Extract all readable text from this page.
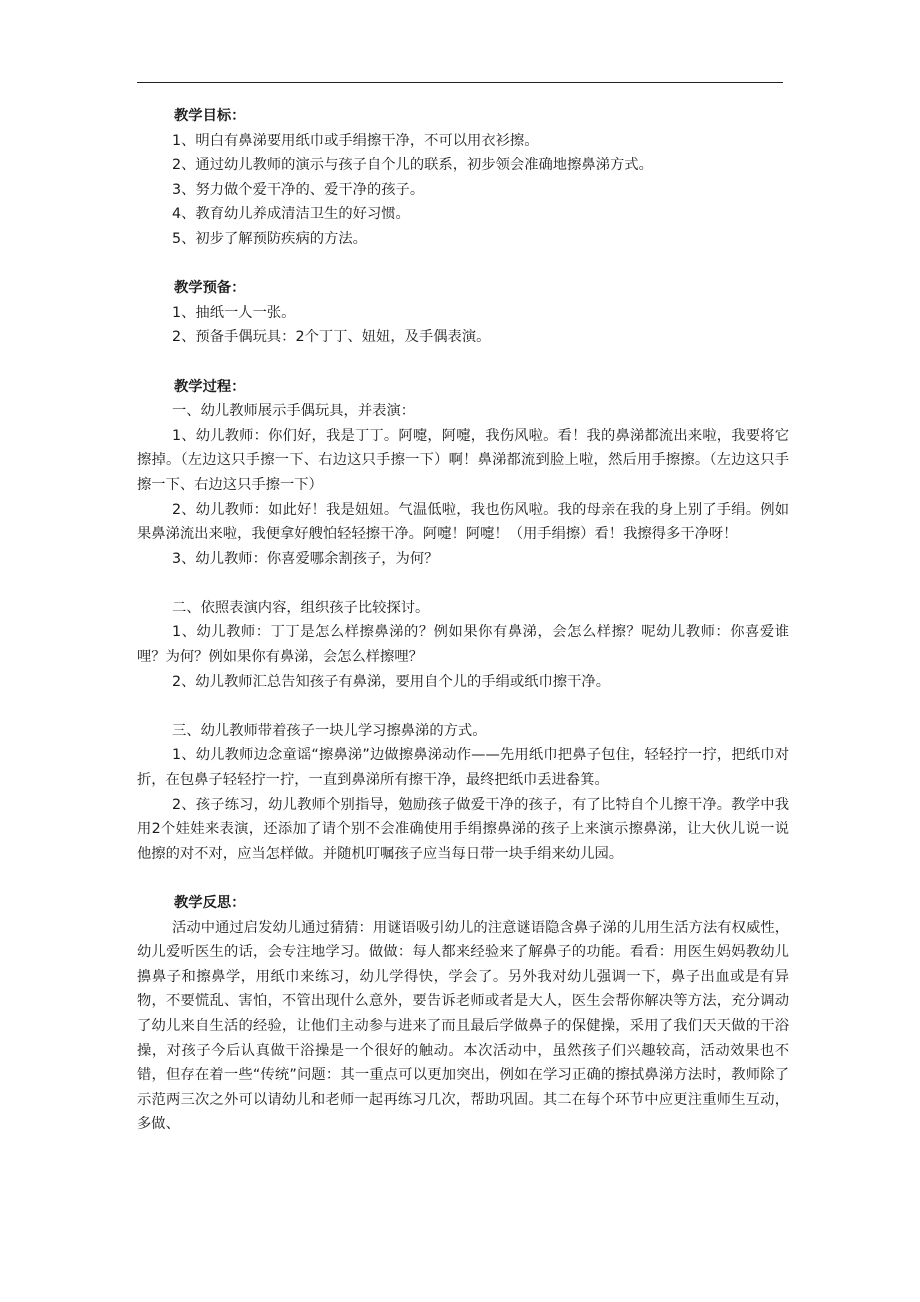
教学目标：

1、明白有鼻涕要用纸巾或手绢擦干净，不可以用衣衫擦。

2、通过幼儿教师的演示与孩子自个儿的联系，初步领会准确地擦鼻涕方式。

3、努力做个爱干净的、爱干净的孩子。

4、教育幼儿养成清洁卫生的好习惯。

5、初步了解预防疾病的方法。

教学预备：

1、抽纸一人一张。

2、预备手偶玩具：2个丁丁、妞妞，及手偶表演。

教学过程：

一、幼儿教师展示手偶玩具，并表演：

1、幼儿教师：你们好，我是丁丁。阿嚏，阿嚏，我伤风啦。看！我的鼻涕都流出来啦，我要将它擦掉。（左边这只手擦一下、右边这只手擦一下）啊！鼻涕都流到脸上啦，然后用手擦擦。（左边这只手擦一下、右边这只手擦一下）

2、幼儿教师：如此好！我是妞妞。气温低啦，我也伤风啦。我的母亲在我的身上别了手绢。例如果鼻涕流出来啦，我便拿好艘怕轻轻擦干净。阿嚏！阿嚏！（用手绢擦）看！我擦得多干净呀！

3、幼儿教师：你喜爱哪余割孩子，为何？

二、依照表演内容，组织孩子比较探讨。

1、幼儿教师：丁丁是怎么样擦鼻涕的？例如果你有鼻涕，会怎么样擦？呢幼儿教师：你喜爱谁哩？为何？例如果你有鼻涕，会怎么样擦哩？

2、幼儿教师汇总告知孩子有鼻涕，要用自个儿的手绢或纸巾擦干净。

三、幼儿教师带着孩子一块儿学习擦鼻涕的方式。

1、幼儿教师边念童谣“擦鼻涕”边做擦鼻涕动作——先用纸巾把鼻子包住，轻轻拧一拧，把纸巾对折，在包鼻子轻轻拧一拧，一直到鼻涕所有擦干净，最终把纸巾丢进畚箕。

2、孩子练习，幼儿教师个别指导，勉励孩子做爱干净的孩子，有了比特自个儿擦干净。教学中我用2个娃娃来表演，还添加了请个别不会准确使用手绢擦鼻涕的孩子上来演示擦鼻涕，让大伙儿说一说他擦的对不对，应当怎样做。并随机叮嘱孩子应当每日带一块手绢来幼儿园。

教学反思：

活动中通过启发幼儿通过猜猜：用谜语吸引幼儿的注意谜语隐含鼻子涕的儿用生活方法有权威性，幼儿爱听医生的话，会专注地学习。做做：每人都来经验来了解鼻子的功能。看看：用医生妈妈教幼儿擤鼻子和擦鼻学，用纸巾来练习，幼儿学得快，学会了。另外我对幼儿强调一下，鼻子出血或是有异物，不要慌乱、害怕，不管出现什么意外，要告诉老师或者是大人，医生会帮你解决等方法，充分调动了幼儿来自生活的经验，让他们主动参与进来了而且最后学做鼻子的保健操，采用了我们天天做的干浴操，对孩子今后认真做干浴操是一个很好的触动。本次活动中，虽然孩子们兴趣较高，活动效果也不错，但存在着一些“传统”问题：其一重点可以更加突出，例如在学习正确的擦拭鼻涕方法时，教师除了示范两三次之外可以请幼儿和老师一起再练习几次，帮助巩固。其二在每个环节中应更注重师生互动，多做、
